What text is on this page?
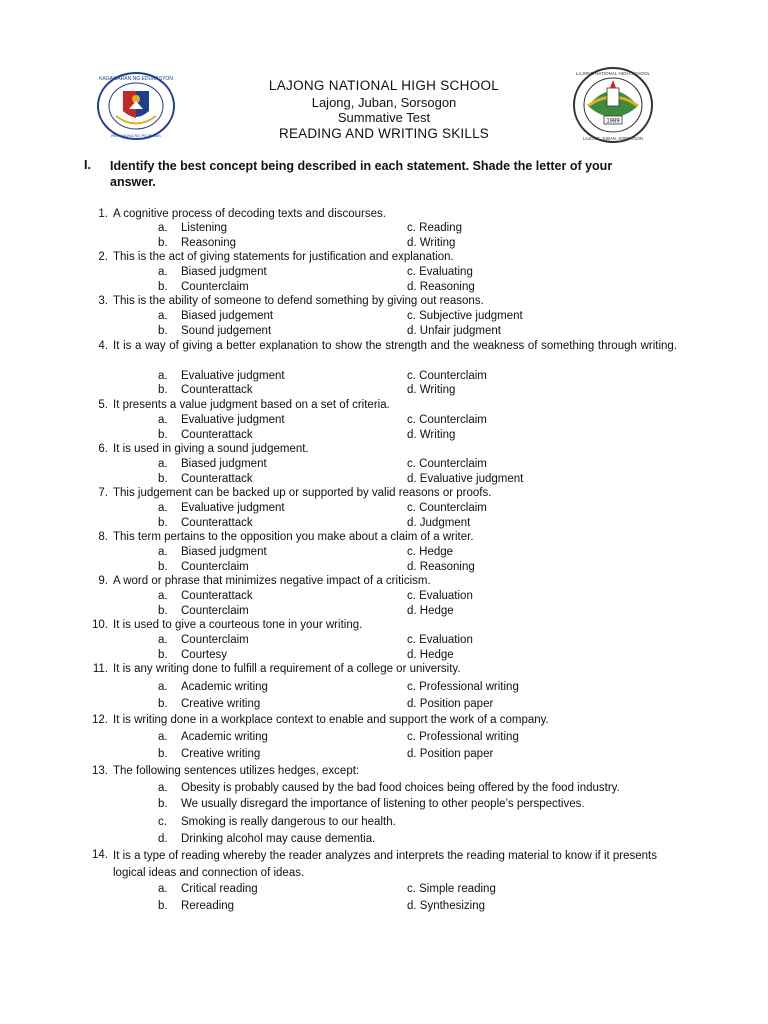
KAGAWARAN NG EDUKASYON
REPUBLIKA NG PILIPINAS
1989
LAJONG NATIONAL HIGH SCHOOL
LAJONG, JUBAN, SORSOGON
LAJONG NATIONAL HIGH SCHOOL
Lajong, Juban, Sorsogon
Summative Test
READING AND WRITING SKILLS
I. Identify the best concept being described in each statement. Shade the letter of your answer.
1. A cognitive process of decoding texts and discourses.
a. Listening	c. Reading
b. Reasoning	d. Writing
2. This is the act of giving statements for justification and explanation.
a. Biased judgment	c. Evaluating
b. Counterclaim	d. Reasoning
3. This is the ability of someone to defend something by giving out reasons.
a. Biased judgement	c. Subjective judgment
b. Sound judgement	d. Unfair judgment
4. It is a way of giving a better explanation to show the strength and the weakness of something through writing.
a. Evaluative judgment	c. Counterclaim
b. Counterattack	d. Writing
5. It presents a value judgment based on a set of criteria.
a. Evaluative judgment	c. Counterclaim
b. Counterattack	d. Writing
6. It is used in giving a sound judgement.
a. Biased judgment	c. Counterclaim
b. Counterattack	d. Evaluative judgment
7. This judgement can be backed up or supported by valid reasons or proofs.
a. Evaluative judgment	c. Counterclaim
b. Counterattack	d. Judgment
8. This term pertains to the opposition you make about a claim of a writer.
a. Biased judgment	c. Hedge
b. Counterclaim	d. Reasoning
9. A word or phrase that minimizes negative impact of a criticism.
a. Counterattack	c. Evaluation
b. Counterclaim	d. Hedge
10. It is used to give a courteous tone in your writing.
a. Counterclaim	c. Evaluation
b. Courtesy	d. Hedge
11. It is any writing done to fulfill a requirement of a college or university.
a. Academic writing	c. Professional writing
b. Creative writing	d. Position paper
12. It is writing done in a workplace context to enable and support the work of a company.
a. Academic writing	c. Professional writing
b. Creative writing	d. Position paper
13. The following sentences utilizes hedges, except:
a. Obesity is probably caused by the bad food choices being offered by the food industry.
b. We usually disregard the importance of listening to other people’s perspectives.
c. Smoking is really dangerous to our health.
d. Drinking alcohol may cause dementia.
14. It is a type of reading whereby the reader analyzes and interprets the reading material to know if it presents logical ideas and connection of ideas.
a. Critical reading	c. Simple reading
b. Rereading	d. Synthesizing
